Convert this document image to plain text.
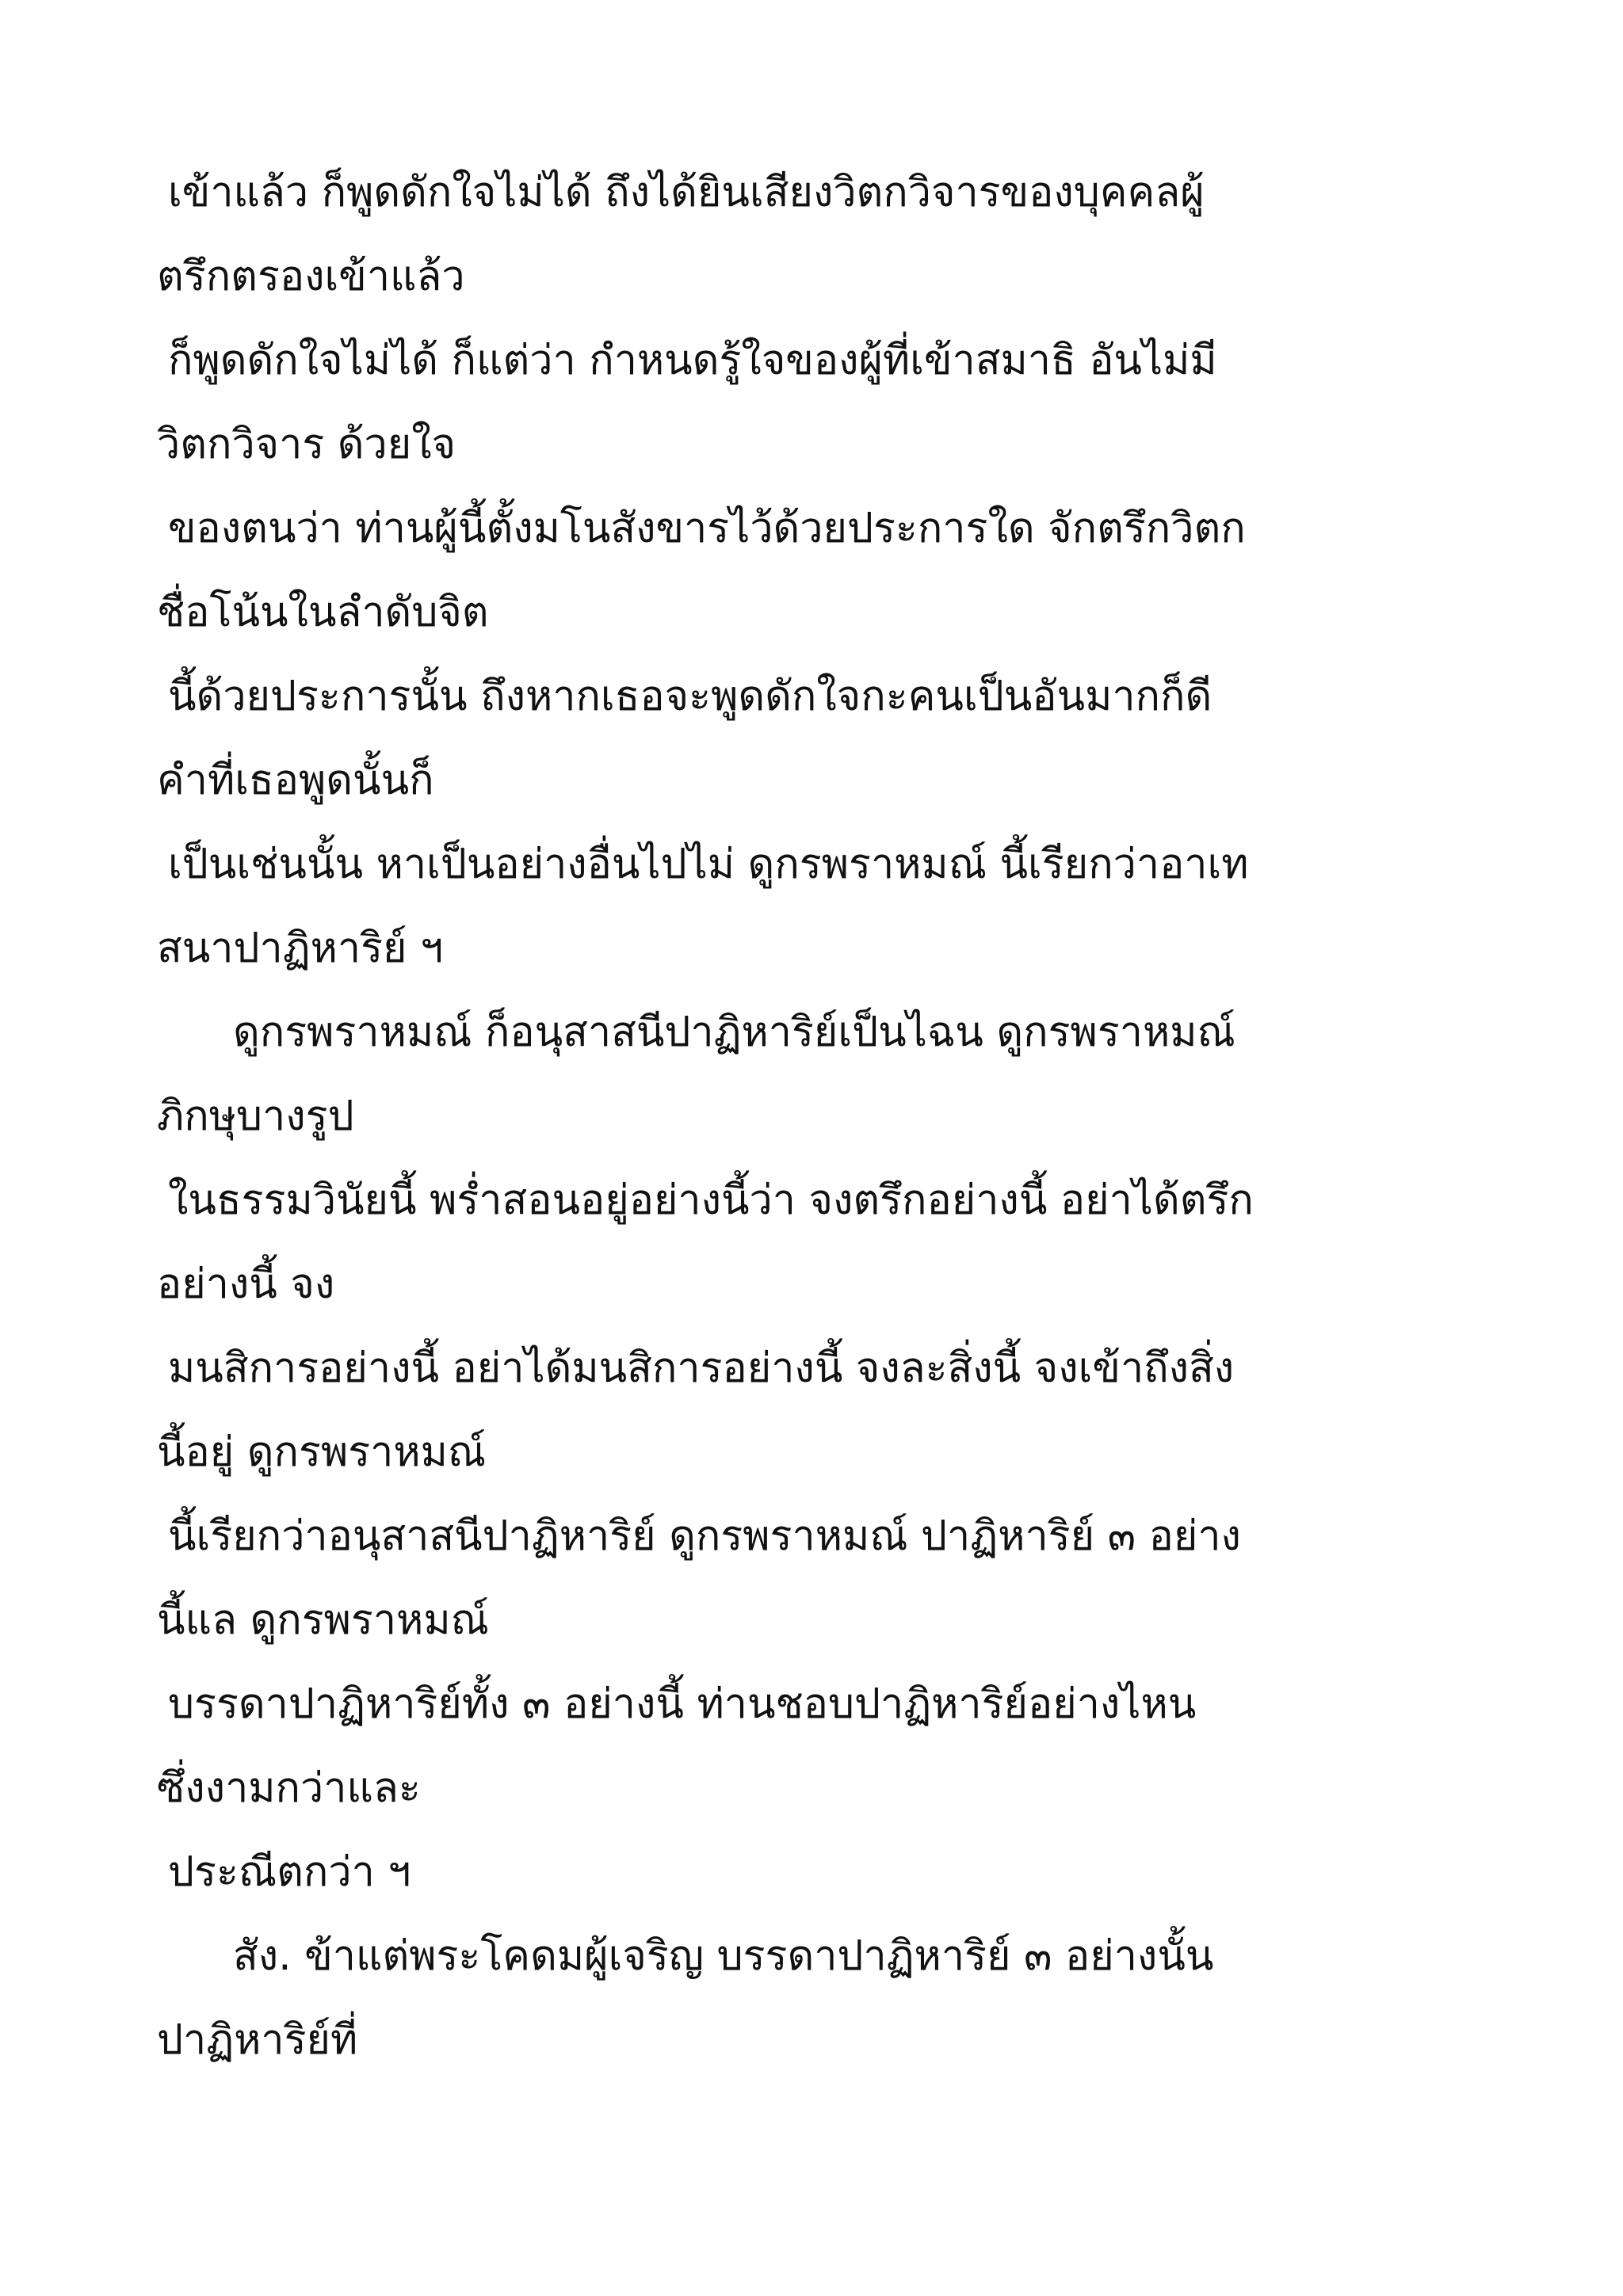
เข้าแล้ว ก็พูดดักใจไม่ได้ ถึงได้ยินเสียงวิตกวิจารของบุคคลผู้
ตรึกตรองเข้าแล้ว
ก็พูดดักใจไม่ได้ ก็แต่ว่า กำหนดรู้ใจของผู้ที่เข้าสมาธิ อันไม่มี
วิตกวิจาร ด้วยใจ
ของตนว่า ท่านผู้นี้ตั้งมโนสังขารไว้ด้วยประการใด จักตรึกวิตก
ชื่อโน้นในลำดับจิต
นี้ด้วยประการนั้น ถึงหากเธอจะพูดดักใจกะคนเป็นอันมากก็ดี
คำที่เธอพูดนั้นก็
เป็นเช่นนั้น หาเป็นอย่างอื่นไปไม่ ดูกรพราหมณ์ นี้เรียกว่าอาเท
สนาปาฏิหาริย์ ฯ
ดูกรพราหมณ์ ก็อนุสาสนีปาฏิหาริย์เป็นไฉน ดูกรพราหมณ์
ภิกษุบางรูป
ในธรรมวินัยนี้ พร่ำสอนอยู่อย่างนี้ว่า จงตรึกอย่างนี้ อย่าได้ตรึก
อย่างนี้ จง
มนสิการอย่างนี้ อย่าได้มนสิการอย่างนี้ จงละสิ่งนี้ จงเข้าถึงสิ่ง
นี้อยู่ ดูกรพราหมณ์
นี้เรียกว่าอนุสาสนีปาฏิหาริย์ ดูกรพราหมณ์ ปาฏิหาริย์ ๓ อย่าง
นี้แล ดูกรพราหมณ์
บรรดาปาฏิหาริย์ทั้ง ๓ อย่างนี้ ท่านชอบปาฏิหาริย์อย่างไหน
ซึ่งงามกว่าและ
ประณีตกว่า ฯ
สัง. ข้าแต่พระโคดมผู้เจริญ บรรดาปาฏิหาริย์ ๓ อย่างนั้น
ปาฏิหาริย์ที่
